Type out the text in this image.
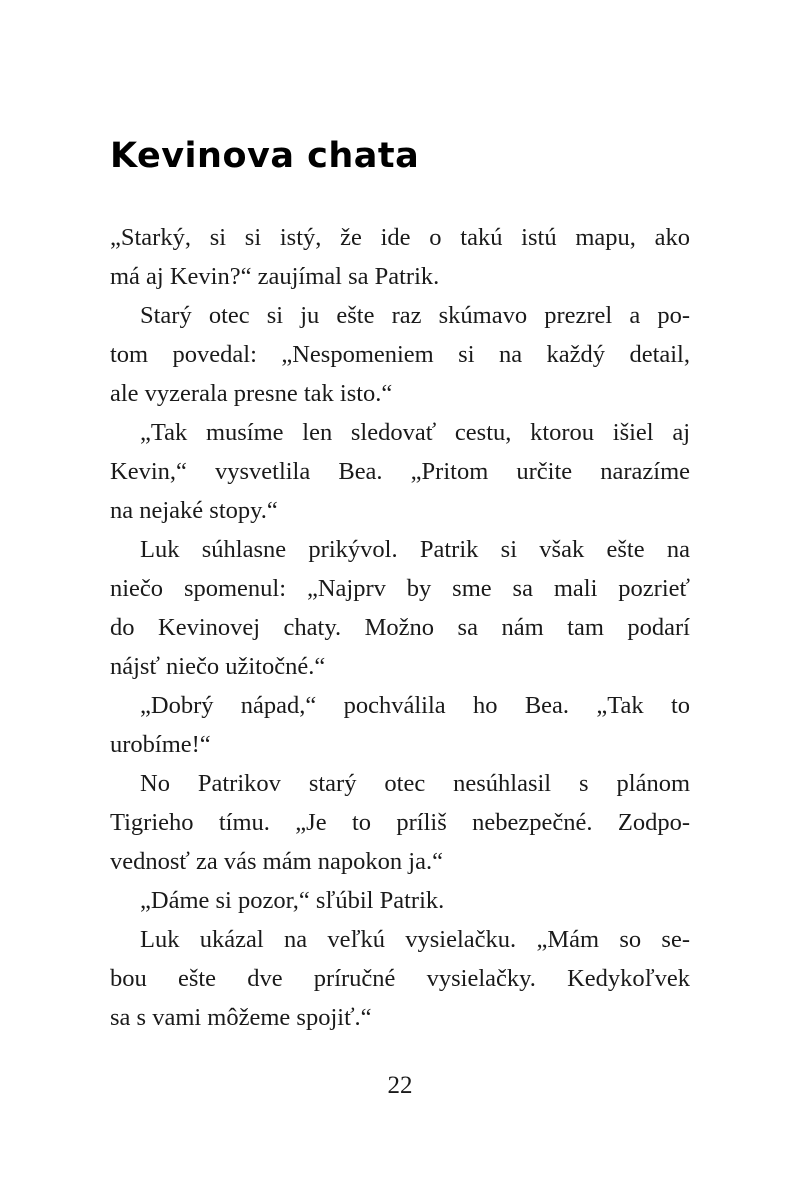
Kevinova chata
„Starký, si si istý, že ide o takú istú mapu, ako
má aj Kevin?“ zaujímal sa Patrik.
Starý otec si ju ešte raz skúmavo prezrel a po-
tom povedal: „Nespomeniem si na každý detail,
ale vyzerala presne tak isto.“
„Tak musíme len sledovať cestu, ktorou išiel aj
Kevin,“ vysvetlila Bea. „Pritom určite narazíme
na nejaké stopy.“
Luk súhlasne prikývol. Patrik si však ešte na
niečo spomenul: „Najprv by sme sa mali pozrieť
do Kevinovej chaty. Možno sa nám tam podarí
nájsť niečo užitočné.“
„Dobrý nápad,“ pochválila ho Bea. „Tak to
urobíme!“
No Patrikov starý otec nesúhlasil s plánom
Tigrieho tímu. „Je to príliš nebezpečné. Zodpo-
vednosť za vás mám napokon ja.“
„Dáme si pozor,“ sľúbil Patrik.
Luk ukázal na veľkú vysielačku. „Mám so se-
bou ešte dve príručné vysielačky. Kedykoľvek
sa s vami môžeme spojiť.“
22
